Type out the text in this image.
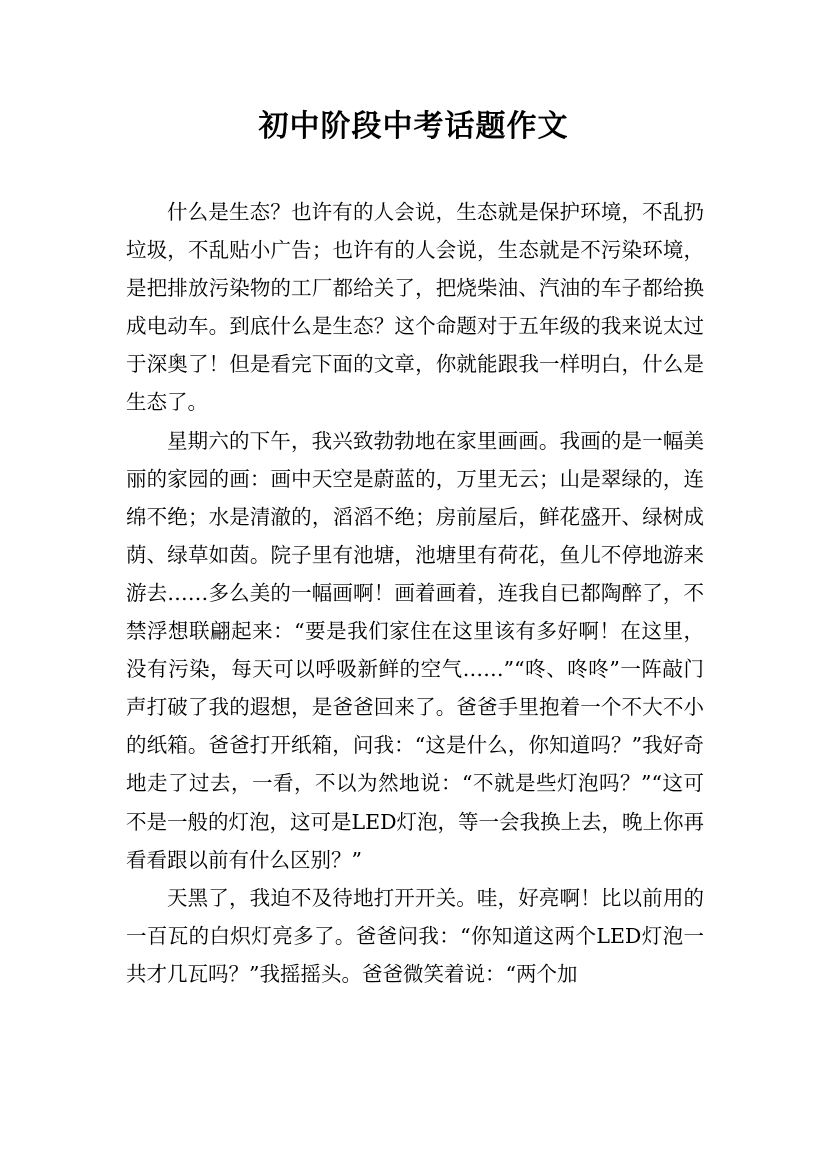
初中阶段中考话题作文

什么是生态？也许有的人会说，生态就是保护环境，不乱扔垃圾，不乱贴小广告；也许有的人会说，生态就是不污染环境，是把排放污染物的工厂都给关了，把烧柴油、汽油的车子都给换成电动车。到底什么是生态？这个命题对于五年级的我来说太过于深奥了！但是看完下面的文章，你就能跟我一样明白，什么是生态了。

星期六的下午，我兴致勃勃地在家里画画。我画的是一幅美丽的家园的画：画中天空是蔚蓝的，万里无云；山是翠绿的，连绵不绝；水是清澈的，滔滔不绝；房前屋后，鲜花盛开、绿树成荫、绿草如茵。院子里有池塘，池塘里有荷花，鱼儿不停地游来游去……多么美的一幅画啊！画着画着，连我自已都陶醉了，不禁浮想联翩起来：“要是我们家住在这里该有多好啊！在这里，没有污染，每天可以呼吸新鲜的空气……”“咚、咚咚”一阵敲门声打破了我的遐想，是爸爸回来了。爸爸手里抱着一个不大不小的纸箱。爸爸打开纸箱，问我：“这是什么，你知道吗？”我好奇地走了过去，一看，不以为然地说：“不就是些灯泡吗？”“这可不是一般的灯泡，这可是LED灯泡，等一会我换上去，晚上你再看看跟以前有什么区别？”

天黑了，我迫不及待地打开开关。哇，好亮啊！比以前用的一百瓦的白炽灯亮多了。爸爸问我：“你知道这两个LED灯泡一共才几瓦吗？”我摇摇头。爸爸微笑着说：“两个加
